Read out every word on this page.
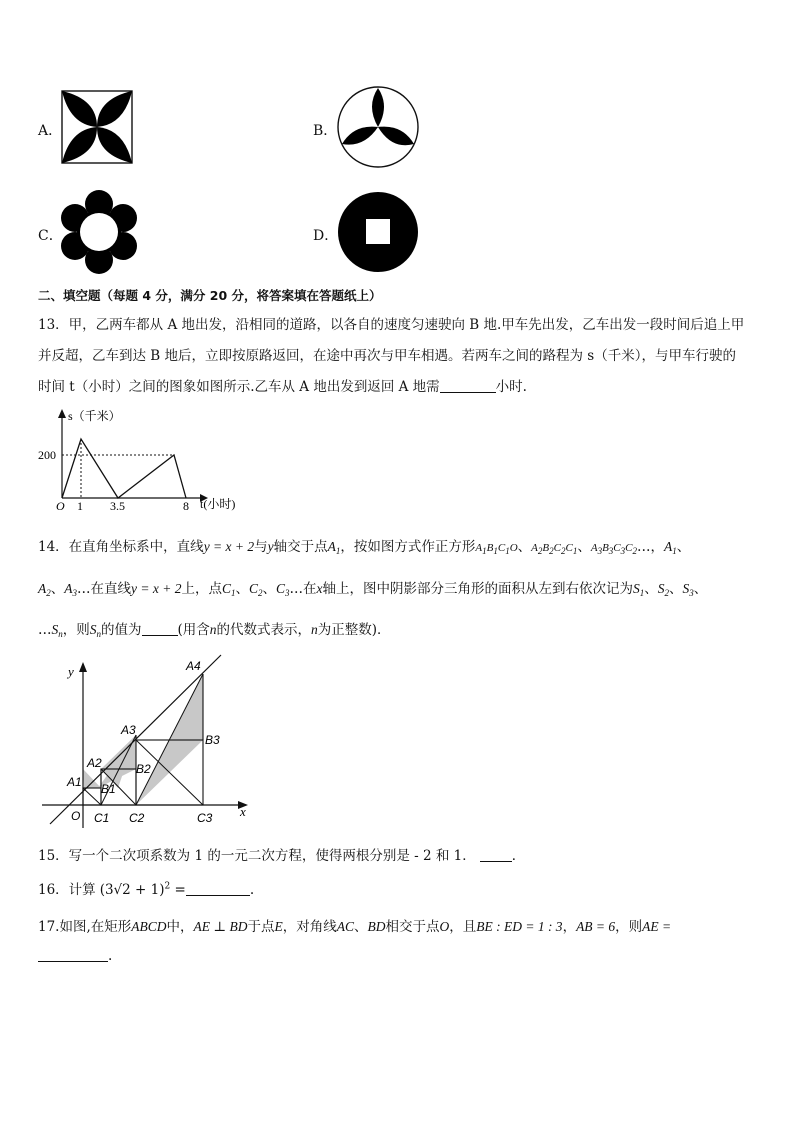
A．	B．
C．	D．
二、填空题（每题 4 分，满分 20 分，将答案填在答题纸上）
13．甲，乙两车都从 A 地出发，沿相同的道路，以各自的速度匀速驶向 B 地.甲车先出发，乙车出发一段时间后追上甲
并反超，乙车到达 B 地后，立即按原路返回，在途中再次与甲车相遇。若两车之间的路程为 s（千米），与甲车行驶的
时间 t（小时）之间的图象如图所示.乙车从 A 地出发到返回 A 地需	小时.
s（千米）
t(小时)
O
200
1 3.5	8
14．在直角坐标系中，直线y = x + 2与y轴交于点$A_1$，按如图方式作正方形$A_1B_1C_1O$、$A_2B_2C_2C_1$、$A_3B_3C_3C_2\dots$，$A_1$、
$A_2$、$A_3\dots$在直线y = x + 2上，点$C_1$、$C_2$、$C_3\dots$在x轴上，图中阴影部分三角形的面积从左到右依次记为$S_1$、$S_2$、$S_3$、
$\dots S_n$，则$S_n$的值为	(用含n的代数式表示，n为正整数)．
y
x
O
A1
A2
A3
A4
B1
B2
B3
C1 C2	C3
15．写一个二次项系数为 1 的一元二次方程，使得两根分别是 - 2 和 1．	．
16．计算 $(3√2 + 1)^2$ =	.
17.如图,在矩形ABCD中，AE ⊥ BD于点E，对角线AC、BD相交于点O，且BE : ED = 1 : 3，AB = 6，则AE =
.
